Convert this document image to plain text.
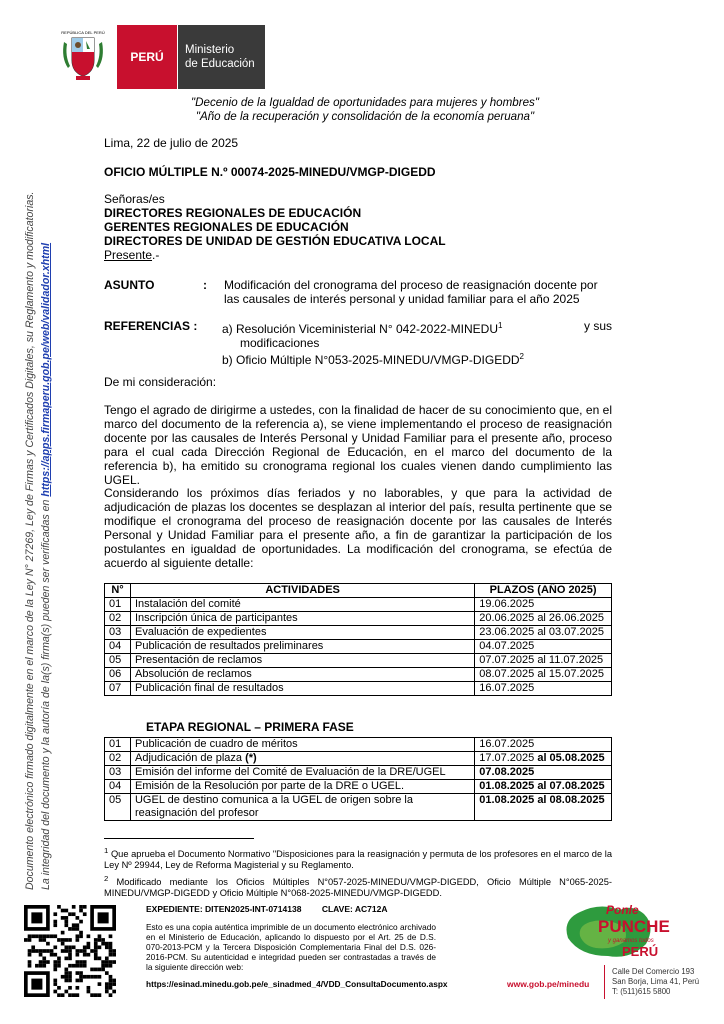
Documento electrónico firmado digitalmente en el marco de la Ley N° 27269, Ley de Firmas y Certificados Digitales, su Reglamento y modificatorias. La integridad del documento y la autoría de la(s) firma(s) pueden ser verificadas en https://apps.firmaperu.gob.pe/web/validador.xhtml
REPÚBLICA DEL PERÚ
PERÚ	Ministerio
de Educación
"Decenio de la Igualdad de oportunidades para mujeres y hombres"
"Año de la recuperación y consolidación de la economía peruana"
Lima, 22 de julio de 2025
OFICIO MÚLTIPLE N.º 00074-2025-MINEDU/VMGP-DIGEDD
Señoras/es
DIRECTORES REGIONALES DE EDUCACIÓN
GERENTES REGIONALES DE EDUCACIÓN
DIRECTORES DE UNIDAD DE GESTIÓN EDUCATIVA LOCAL
Presente.-
ASUNTO	: Modificación del cronograma del proceso de reasignación docente por
las causales de interés personal y unidad familiar para el año 2025
REFERENCIAS : a) Resolución Viceministerial N° 042-2022-MINEDU$^1$	y sus
modificaciones
b) Oficio Múltiple N°053-2025-MINEDU/VMGP-DIGEDD$^2$
De mi consideración:
Tengo el agrado de dirigirme a ustedes, con la finalidad de hacer de su conocimiento que, en el marco del documento de la referencia a), se viene implementando el proceso de reasignación docente por las causales de Interés Personal y Unidad Familiar para el presente año, proceso para el cual cada Dirección Regional de Educación, en el marco del documento de la referencia b), ha emitido su cronograma regional los cuales vienen dando cumplimiento las UGEL.
Considerando los próximos días feriados y no laborables, y que para la actividad de adjudicación de plazas los docentes se desplazan al interior del país, resulta pertinente que se modifique el cronograma del proceso de reasignación docente por las causales de Interés Personal y Unidad Familiar para el presente año, a fin de garantizar la participación de los postulantes en igualdad de oportunidades. La modificación del cronograma, se efectúa de acuerdo al siguiente detalle:
N°	ACTIVIDADES	PLAZOS (AÑO 2025)
01	Instalación del comité	19.06.2025
02	Inscripción única de participantes	20.06.2025 al 26.06.2025
03	Evaluación de expedientes	23.06.2025 al 03.07.2025
04	Publicación de resultados preliminares	04.07.2025
05	Presentación de reclamos	07.07.2025 al 11.07.2025
06	Absolución de reclamos	08.07.2025 al 15.07.2025
07	Publicación final de resultados	16.07.2025
ETAPA REGIONAL – PRIMERA FASE
01	Publicación de cuadro de méritos	16.07.2025
02	Adjudicación de plaza (*)	17.07.2025 al 05.08.2025
03	Emisión del informe del Comité de Evaluación de la DRE/UGEL	07.08.2025
04	Emisión de la Resolución por parte de la DRE o UGEL.	01.08.2025 al 07.08.2025
05	UGEL de destino comunica a la UGEL de origen sobre la reasignación del profesor	01.08.2025 al 08.08.2025
$^1$ Que aprueba el Documento Normativo "Disposiciones para la reasignación y permuta de los profesores en el marco de la Ley Nº 29944, Ley de Reforma Magisterial y su Reglamento.
$^2$ Modificado mediante los Oficios Múltiples N°057-2025-MINEDU/VMGP-DIGEDD, Oficio Múltiple N°065-2025-MINEDU/VMGP-DIGEDD y Oficio Múltiple N°068-2025-MINEDU/VMGP-DIGEDD.
EXPEDIENTE: DITEN2025-INT-0714138 CLAVE: AC712A
Esto es una copia auténtica imprimible de un documento electrónico archivado en el Ministerio de Educación, aplicando lo dispuesto por el Art. 25 de D.S. 070-2013-PCM y la Tercera Disposición Complementaria Final del D.S. 026-2016-PCM. Su autenticidad e integridad pueden ser contrastadas a través de la siguiente dirección web:
https://esinad.minedu.gob.pe/e_sinadmed_4/VDD_ConsultaDocumento.aspx
Ponle
PUNCHE
y ganamos todos
PERÚ
www.gob.pe/minedu
Calle Del Comercio 193
San Borja, Lima 41, Perú
T: (511)615 5800
